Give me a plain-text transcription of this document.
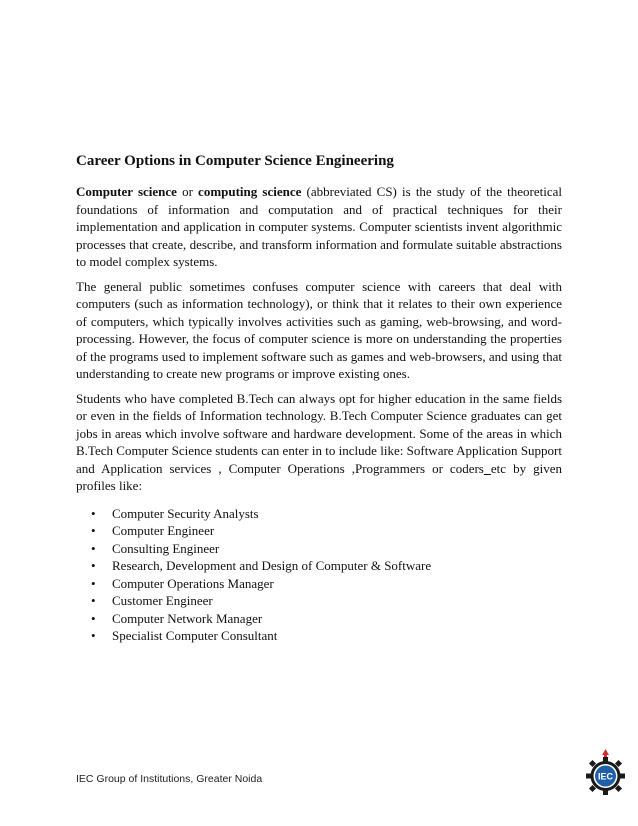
Career Options in Computer Science Engineering

Computer science or computing science (abbreviated CS) is the study of the theoretical foundations of information and computation and of practical techniques for their implementation and application in computer systems. Computer scientists invent algorithmic processes that create, describe, and transform information and formulate suitable abstractions to model complex systems.

The general public sometimes confuses computer science with careers that deal with computers (such as information technology), or think that it relates to their own experience of computers, which typically involves activities such as gaming, web-browsing, and word-processing. However, the focus of computer science is more on understanding the properties of the programs used to implement software such as games and web-browsers, and using that understanding to create new programs or improve existing ones.

Students who have completed B.Tech can always opt for higher education in the same fields or even in the fields of Information technology. B.Tech Computer Science graduates can get jobs in areas which involve software and hardware development. Some of the areas in which B.Tech Computer Science students can enter in to include like: Software Application Support and Application services , Computer Operations ,Programmers or coders etc by given profiles like:

• Computer Security Analysts
• Computer Engineer
• Consulting Engineer
• Research, Development and Design of Computer & Software
• Computer Operations Manager
• Customer Engineer
• Computer Network Manager
• Specialist Computer Consultant
IEC Group of Institutions, Greater Noida	IEC
